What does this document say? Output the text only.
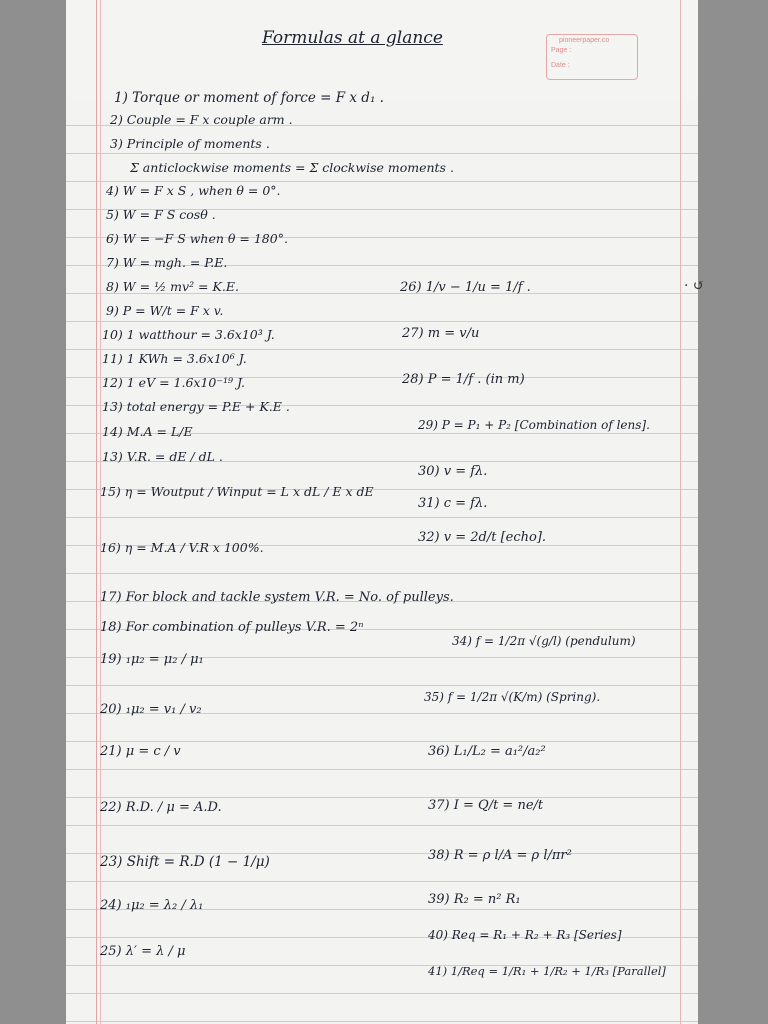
Formulas at a glance	pioneerpaper.co
Page :
Date :
1) Torque or moment of force = F x d₁ .
2) Couple = F x couple arm .
3) Principle of moments .
Σ anticlockwise moments = Σ clockwise moments .
4) W = F x S , when θ = 0°.
5) W = F S cosθ .
6) W = −F S when θ = 180°.
7) W = mgh. = P.E.
8) W = ½ mv² = K.E.
9) P = W/t = F x v.
10) 1 watthour = 3.6x10³ J.
11) 1 KWh = 3.6x10⁶ J.
12) 1 eV = 1.6x10⁻¹⁹ J.
13) total energy = P.E + K.E .
14) M.A = L/E
13) V.R. = dE / dL .
15) η = Woutput / Winput = L x dL / E x dE
16) η = M.A / V.R x 100%.
17) For block and tackle system V.R. = No. of pulleys.
18) For combination of pulleys V.R. = 2ⁿ
19) ₁μ₂ = μ₂ / μ₁
20) ₁μ₂ = v₁ / v₂
21) μ = c / v
22) R.D. / μ = A.D.
23) Shift = R.D (1 − 1/μ)
24) ₁μ₂ = λ₂ / λ₁
25) λ′ = λ / μ
26) 1/v − 1/u = 1/f .
27) m = v/u
28) P = 1/f . (in m)
29) P = P₁ + P₂ [Combination of lens].
30) v = fλ.
31) c = fλ.
32) v = 2d/t [echo].
34) f = 1/2π √(g/l) (pendulum)
35) f = 1/2π √(K/m) (Spring).
36) L₁/L₂ = a₁²/a₂²
37) I = Q/t = ne/t
38) R = ρ l/A = ρ l/πr²
39) R₂ = n² R₁
40) Req = R₁ + R₂ + R₃ [Series]
41) 1/Req = 1/R₁ + 1/R₂ + 1/R₃ [Parallel]
· ↺
